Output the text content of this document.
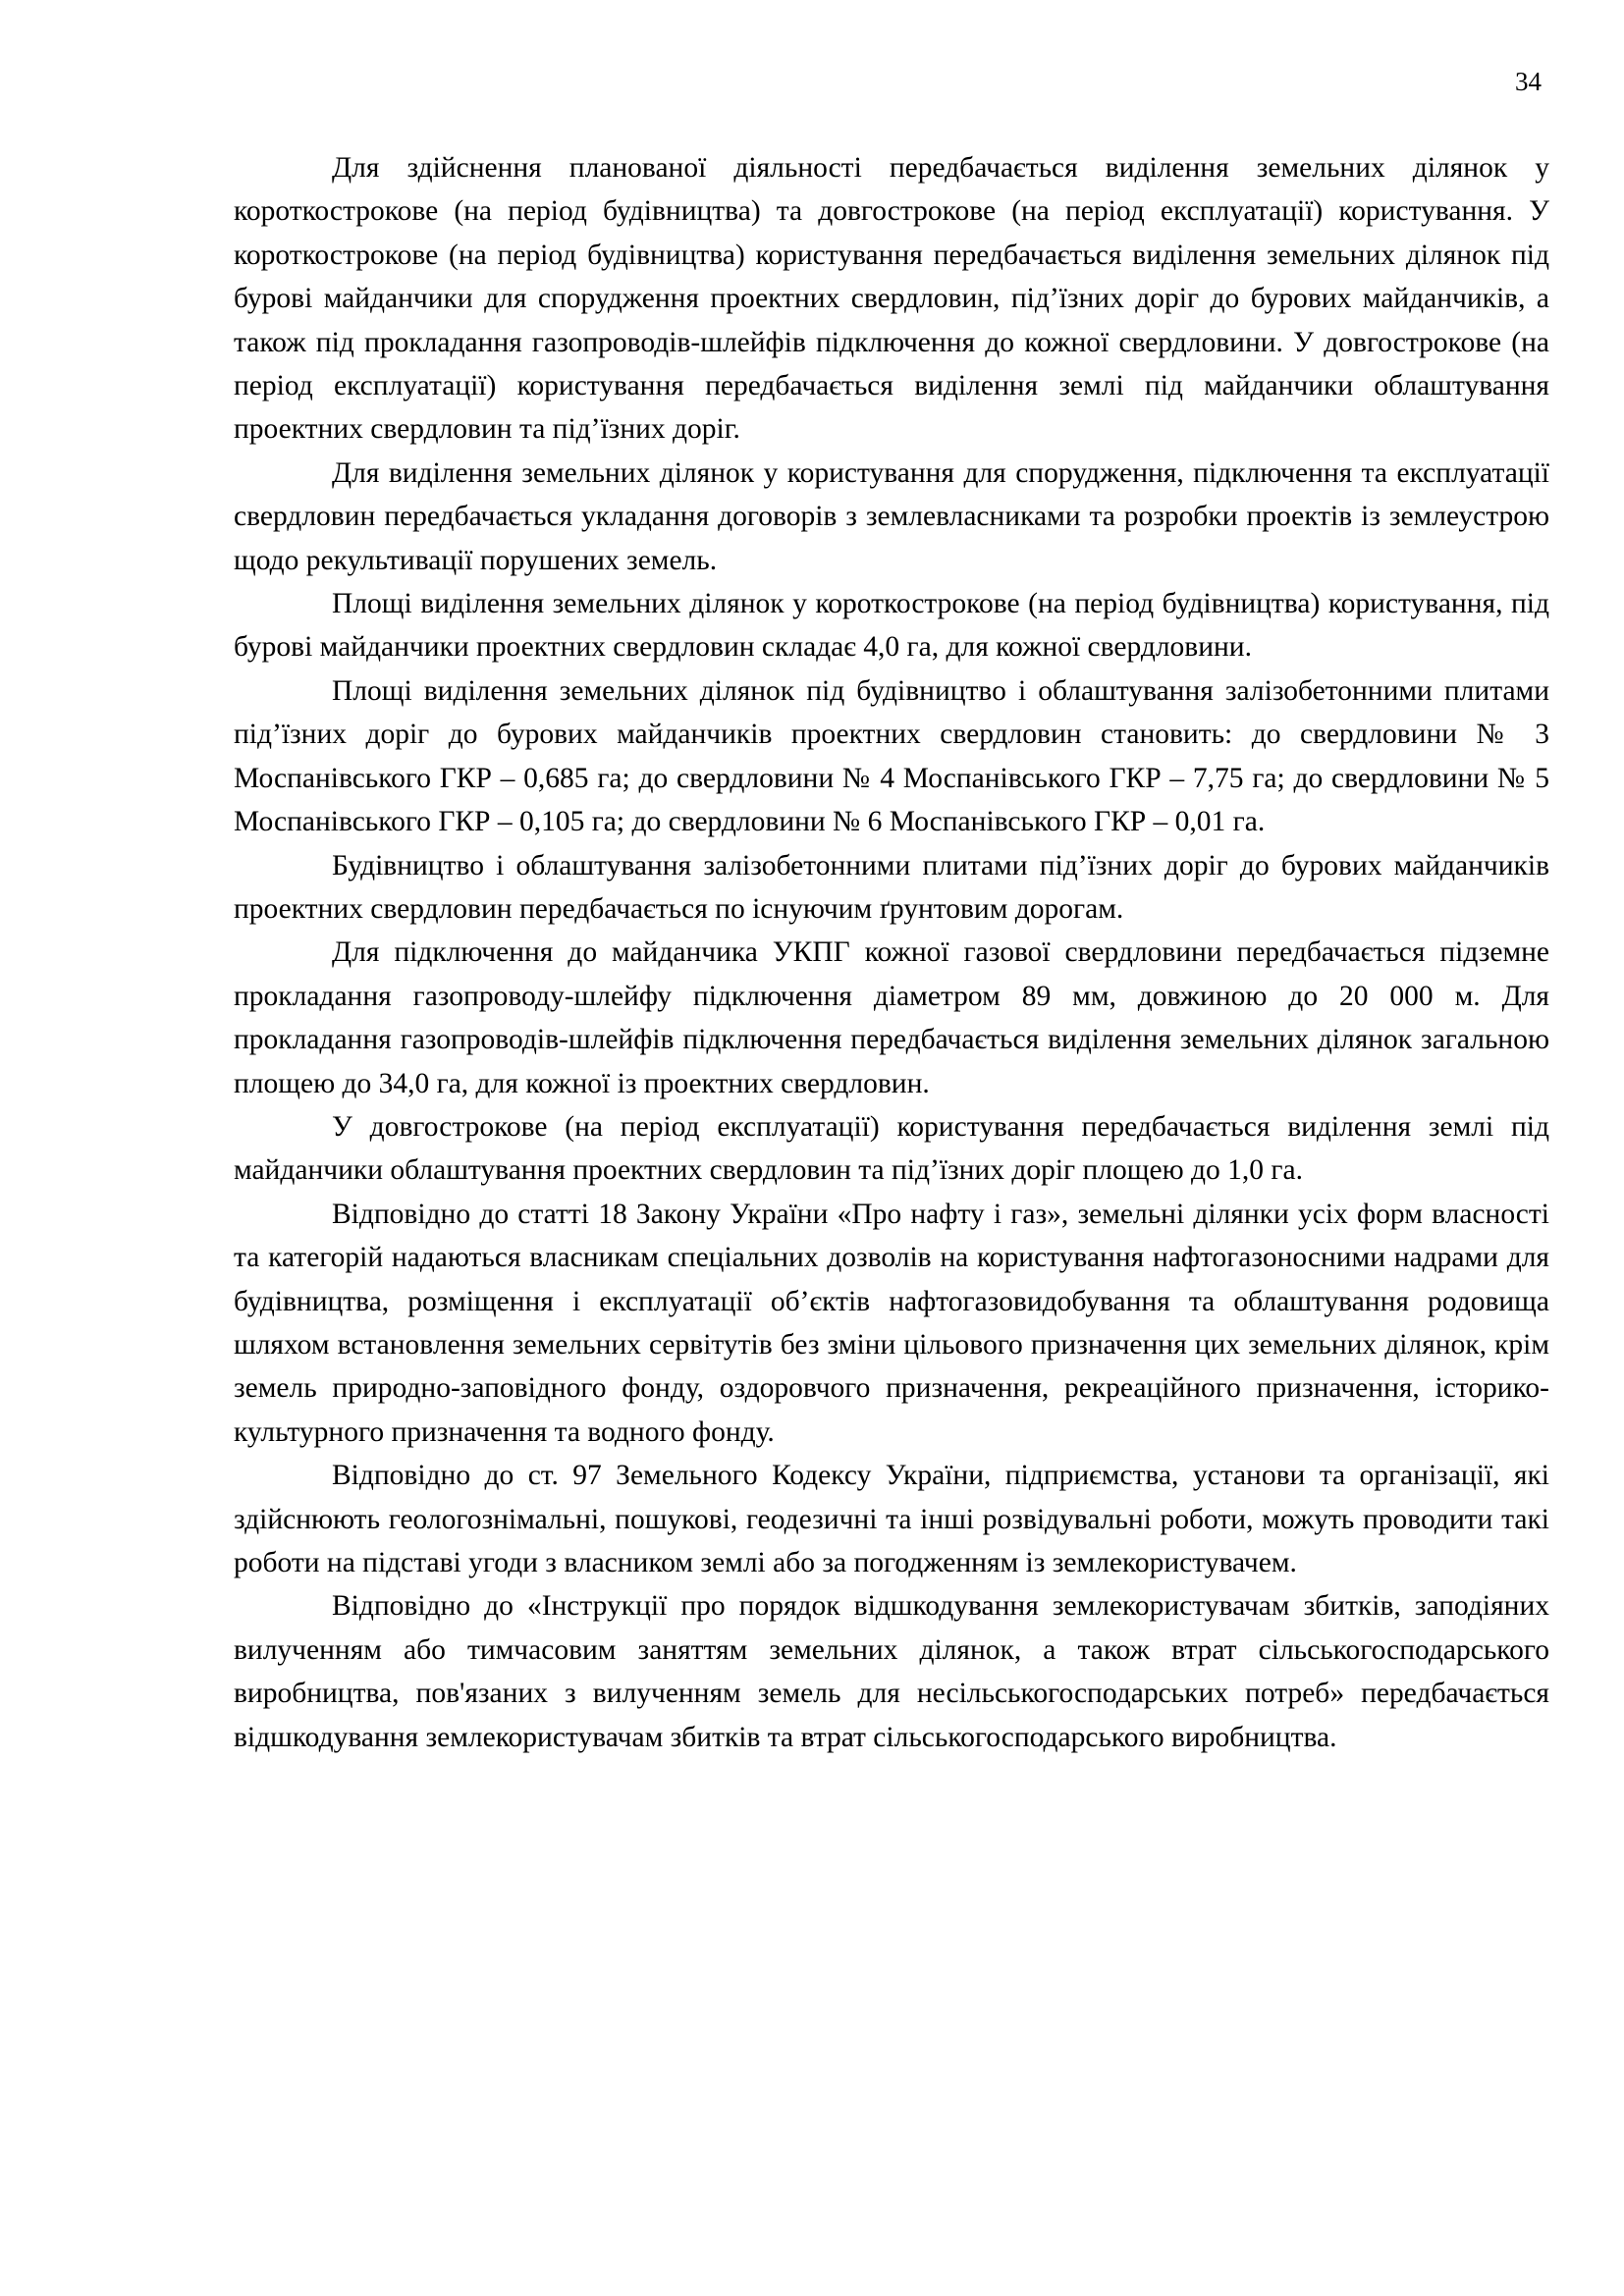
34

Для здійснення планованої діяльності передбачається виділення земельних ділянок у короткострокове (на період будівництва) та довгострокове (на період експлуатації) користування. У короткострокове (на період будівництва) користування передбачається виділення земельних ділянок під бурові майданчики для спорудження проектних свердловин, під’їзних доріг до бурових майданчиків, а також під прокладання газопроводів-шлейфів підключення до кожної свердловини. У довгострокове (на період експлуатації) користування передбачається виділення землі під майданчики облаштування проектних свердловин та під’їзних доріг.

Для виділення земельних ділянок у користування для спорудження, підключення та експлуатації свердловин передбачається укладання договорів з землевласниками та розробки проектів із землеустрою щодо рекультивації порушених земель.

Площі виділення земельних ділянок у короткострокове (на період будівництва) користування, під бурові майданчики проектних свердловин складає 4,0 га, для кожної свердловини.

Площі виділення земельних ділянок під будівництво і облаштування залізобетонними плитами під’їзних доріг до бурових майданчиків проектних свердловин становить: до свердловини № 3 Моспанівського ГКР – 0,685 га; до свердловини № 4 Моспанівського ГКР – 7,75 га; до свердловини № 5 Моспанівського ГКР – 0,105 га; до свердловини № 6 Моспанівського ГКР – 0,01 га.

Будівництво і облаштування залізобетонними плитами під’їзних доріг до бурових майданчиків проектних свердловин передбачається по існуючим ґрунтовим дорогам.

Для підключення до майданчика УКПГ кожної газової свердловини передбачається підземне прокладання газопроводу-шлейфу підключення діаметром 89 мм, довжиною до 20 000 м. Для прокладання газопроводів-шлейфів підключення передбачається виділення земельних ділянок загальною площею до 34,0 га, для кожної із проектних свердловин.

У довгострокове (на період експлуатації) користування передбачається виділення землі під майданчики облаштування проектних свердловин та під’їзних доріг площею до 1,0 га.

Відповідно до статті 18 Закону України «Про нафту і газ», земельні ділянки усіх форм власності та категорій надаються власникам спеціальних дозволів на користування нафтогазоносними надрами для будівництва, розміщення і експлуатації об’єктів нафтогазовидобування та облаштування родовища шляхом встановлення земельних сервітутів без зміни цільового призначення цих земельних ділянок, крім земель природно-заповідного фонду, оздоровчого призначення, рекреаційного призначення, історико-культурного призначення та водного фонду.

Відповідно до ст. 97 Земельного Кодексу України, підприємства, установи та організації, які здійснюють геологознімальні, пошукові, геодезичні та інші розвідувальні роботи, можуть проводити такі роботи на підставі угоди з власником землі або за погодженням із землекористувачем.

Відповідно до «Інструкції про порядок відшкодування землекористувачам збитків, заподіяних вилученням або тимчасовим заняттям земельних ділянок, а також втрат сільськогосподарського виробництва, пов'язаних з вилученням земель для несільськогосподарських потреб» передбачається відшкодування землекористувачам збитків та втрат сільськогосподарського виробництва.
